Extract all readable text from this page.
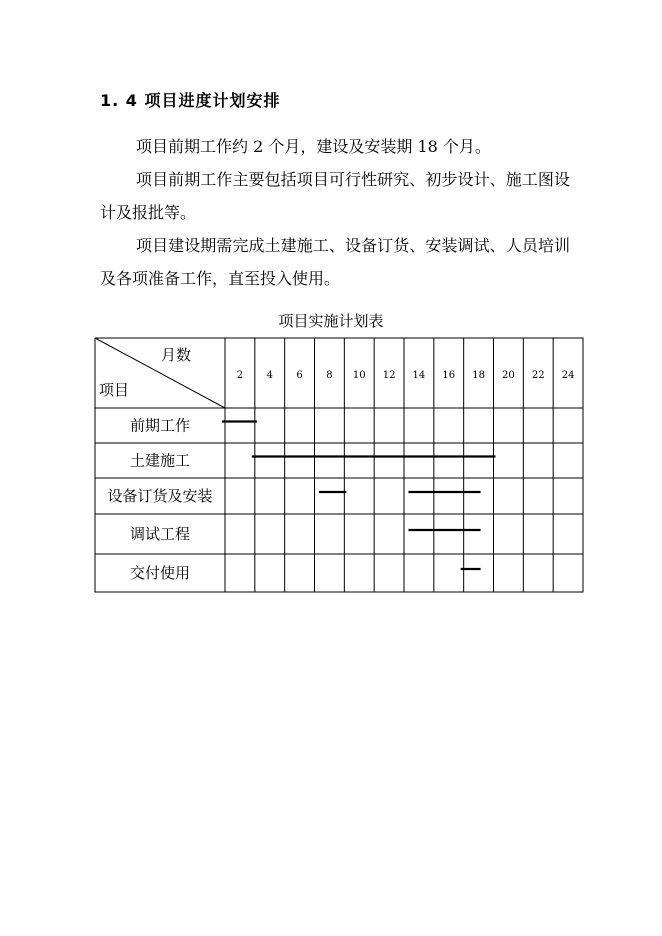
1. 4 项目进度计划安排

项目前期工作约 2 个月，建设及安装期 18 个月。

项目前期工作主要包括项目可行性研究、初步设计、施工图设计及报批等。

项目建设期需完成土建施工、设备订货、安装调试、人员培训及各项准备工作，直至投入使用。

项目实施计划表
月数
项目
2 4 6 8 10 12 14 16 18 20 22 24
前期工作
土建施工
设备订货及安装
调试工程
交付使用
